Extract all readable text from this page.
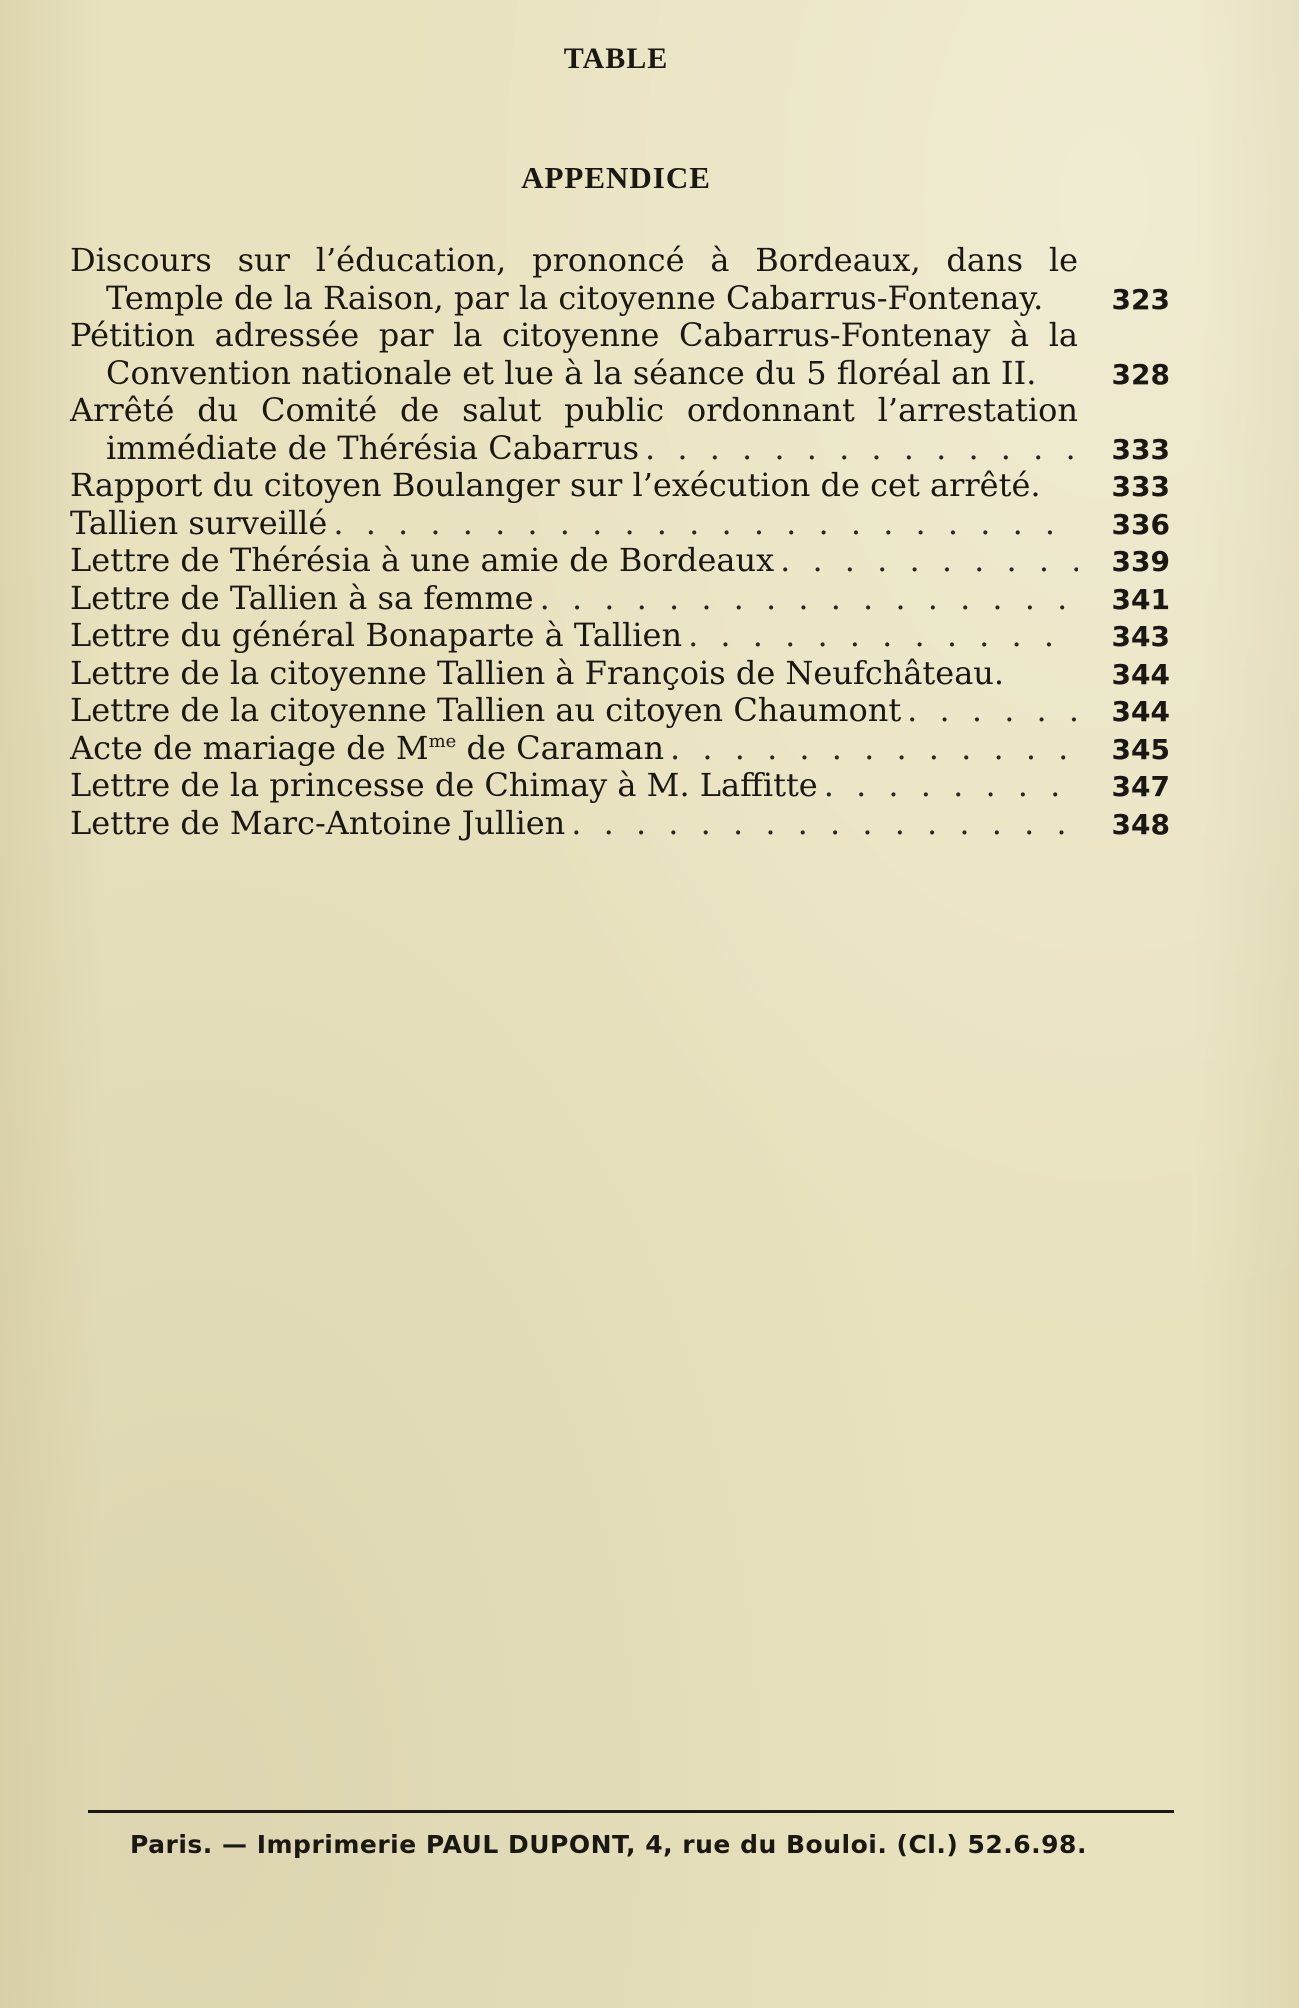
TABLE
APPENDICE
Discours sur l’éducation, prononcé à Bordeaux, dans le
Temple de la Raison, par la citoyenne Cabarrus-Fontenay. 323
Pétition adressée par la citoyenne Cabarrus-Fontenay à la
Convention nationale et lue à la séance du 5 floréal an II.	328
Arrêté du Comité de salut public ordonnant l’arrestation
immédiate de Thérésia Cabarrus . . .	333
Rapport du citoyen Boulanger sur l’exécution de cet arrêté.	333
Tallien surveillé . . .	336
Lettre de Thérésia à une amie de Bordeaux . . .	339
Lettre de Tallien à sa femme . . .	341
Lettre du général Bonaparte à Tallien . . .	343
Lettre de la citoyenne Tallien à François de Neufchâteau.	344
Lettre de la citoyenne Tallien au citoyen Chaumont . . .	344
Acte de mariage de $M^{me}$ de Caraman . . .	345
Lettre de la princesse de Chimay à M. Laffitte . . .	347
Lettre de Marc-Antoine Jullien . . .	348
Paris. — Imprimerie PAUL DUPONT, 4, rue du Bouloi. (Cl.) 52.6.98.
